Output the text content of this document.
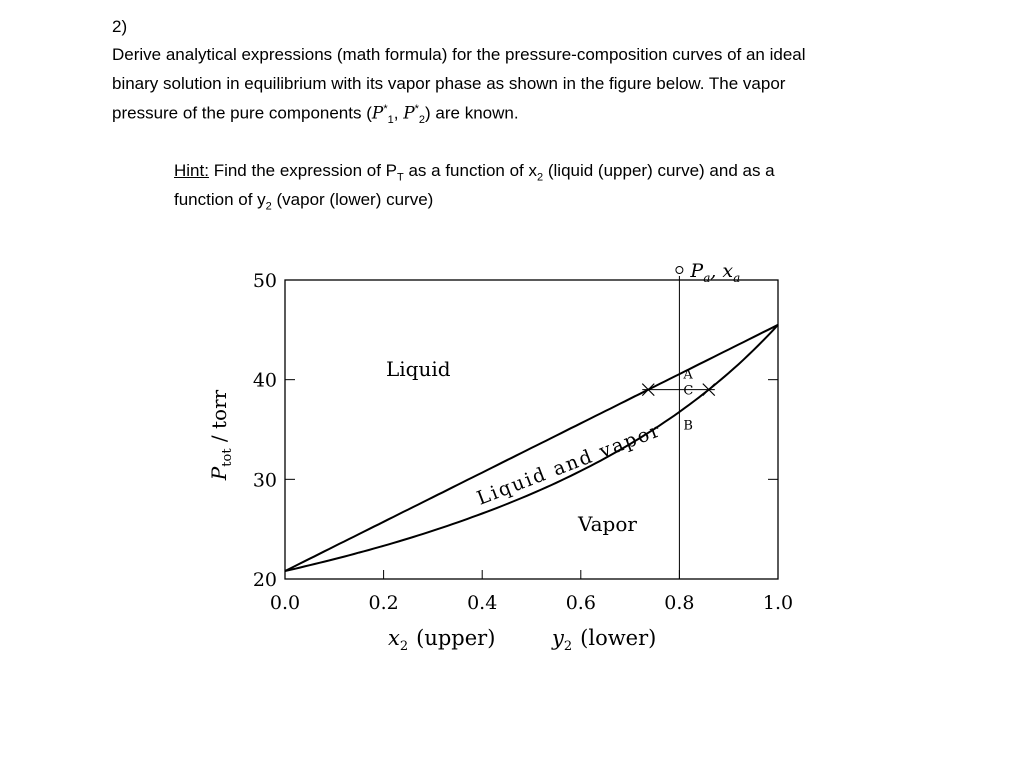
2)
Derive analytical expressions (math formula) for the pressure-composition curves of an ideal
binary solution in equilibrium with its vapor phase as shown in the figure below. The vapor
pressure of the pure components ($P^*_1$, $P^*_2$) are known.
Hint: Find the expression of $P_T$ as a function of $x_2$ (liquid (upper) curve) and as a
function of $y_2$ (vapor (lower) curve)
0.0	0.2	0.4	0.6	0.8	1.0
20
30
40
50
A
C
B
$P_a$, $x_a$
Liquid
Liquid and vapor
Vapor
$P_{tot}$ / torr
$x_2$ (upper)	$y_2$ (lower)
